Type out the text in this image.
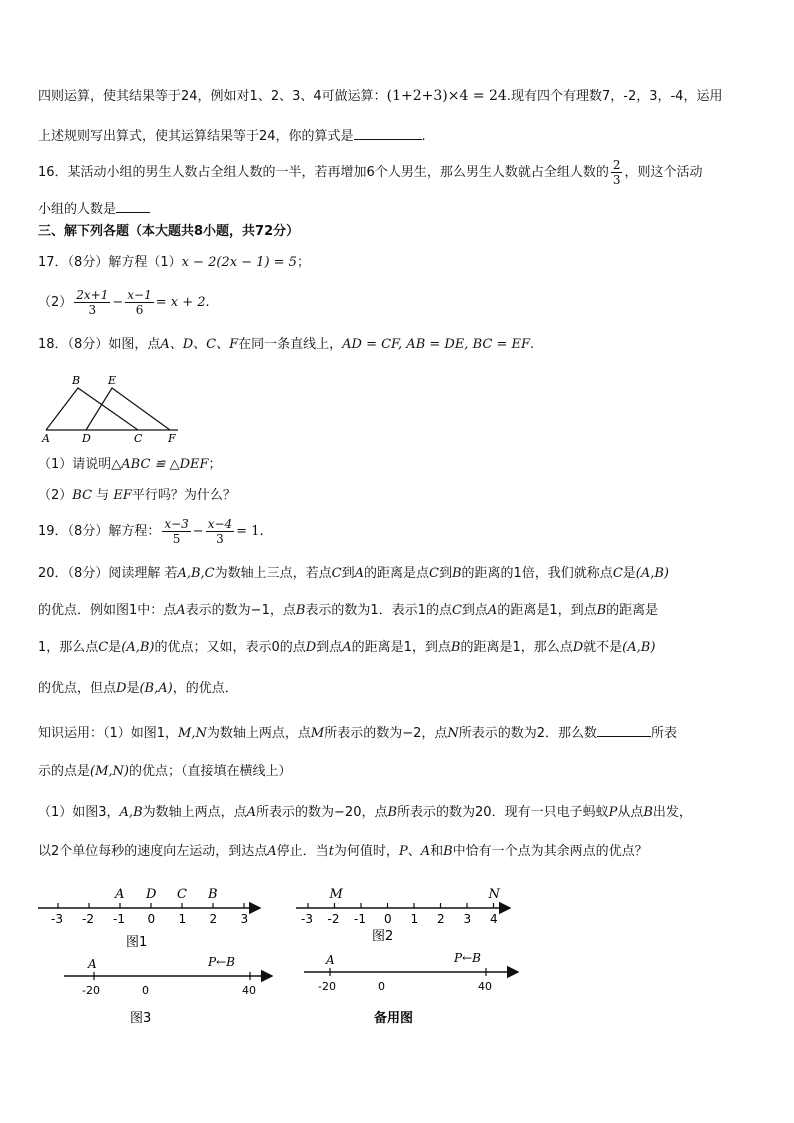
四则运算，使其结果等于24，例如对1、2、3、4可做运算：(1+2+3)×4 = 24.现有四个有理数7，-2，3，-4，运用
上述规则写出算式，使其运算结果等于24，你的算式是	.
16．某活动小组的男生人数占全组人数的一半，若再增加6个人男生，那么男生人数就占全组人数的 $\frac{2}{3}$ ，则这个活动
小组的人数是
三、解下列各题（本大题共8小题，共72分）
17．（8分）解方程（1）x − 2(2x − 1) = 5；
$(2) \frac{2x+1}{3} - \frac{x-1}{6} = x + 2$.
18．（8分）如图，点A、D、C、F在同一条直线上，AD = CF, AB = DE, BC = EF.
B	E
A	D	C F
（1）请说明△ABC ≌ △DEF；
（2）BC 与 EF平行吗？为什么？
19．（8分）解方程： $\frac{x-3}{5} - \frac{x-4}{3} = 1$.
20．（8分）阅读理解 若A,B,C为数轴上三点，若点C到A的距离是点C到B的距离的1倍，我们就称点C是(A,B)
的优点．例如图1中：点A表示的数为−1，点B表示的数为1．表示1的点C到点A的距离是1，到点B的距离是
1，那么点C是(A,B)的优点；又如，表示0的点D到点A的距离是1，到点B的距离是1，那么点D就不是(A,B)
的优点，但点D是(B,A)，的优点．
知识运用：（1）如图1，M,N为数轴上两点，点M所表示的数为−2，点N所表示的数为2．那么数	所表
示的点是(M,N)的优点；（直接填在横线上）
（1）如图3，A,B为数轴上两点，点A所表示的数为−20，点B所表示的数为20．现有一只电子蚂蚁P从点B出发，
以2个单位每秒的速度向左运动，到达点A停止．当t为何值时，P、A和B中恰有一个点为其余两点的优点？
-3 -2 -1 0 1 2 3
A D C B
图1
-3 -2 -1 0 1 2 3 4
M	N
图2
A	P←B
-20	0	40
图3
A	P←B
-20	0	40
备用图
